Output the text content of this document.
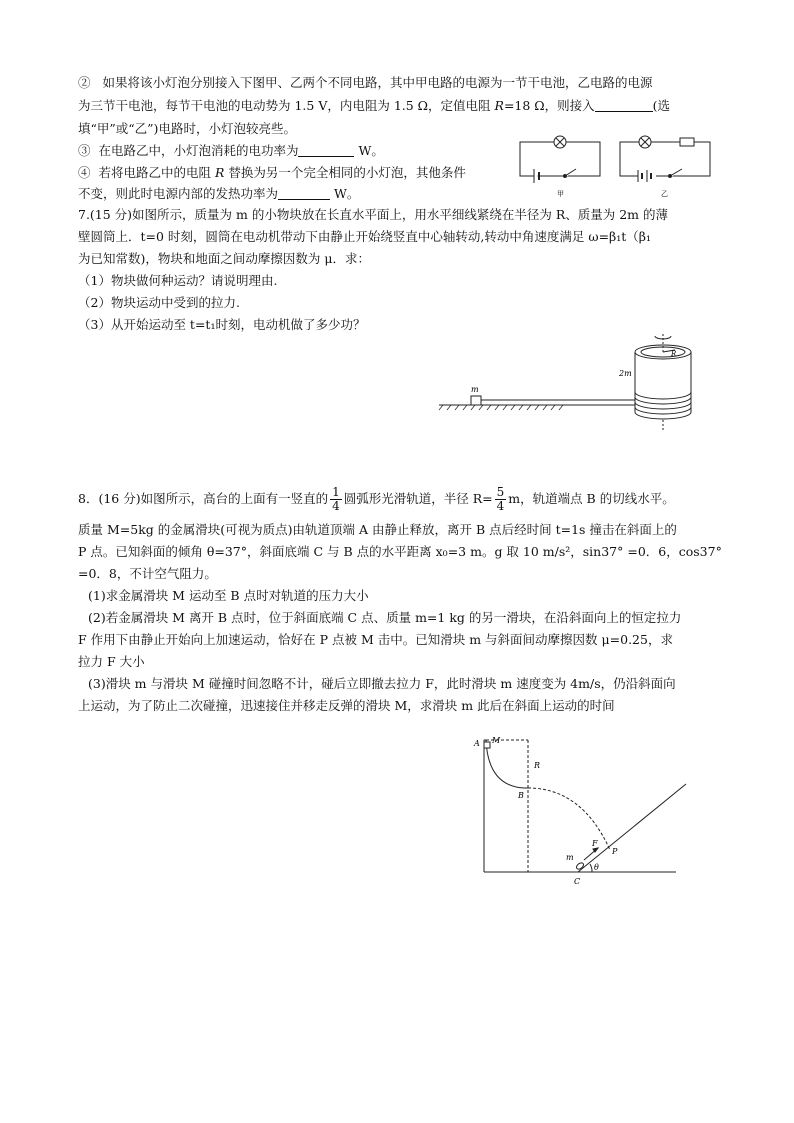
② 如果将该小灯泡分别接入下图甲、乙两个不同电路，其中甲电路的电源为一节干电池，乙电路的电源
为三节干电池，每节干电池的电动势为 1.5 V，内电阻为 1.5 Ω，定值电阻 R=18 Ω，则接入	(选
填“甲”或“乙”)电路时，小灯泡较亮些。
③ 在电路乙中，小灯泡消耗的电功率为	W。
④ 若将电路乙中的电阻 R 替换为另一个完全相同的小灯泡，其他条件
不变，则此时电源内部的发热功率为	W。	甲	乙
7.(15 分)如图所示，质量为 m 的小物块放在长直水平面上，用水平细线紧绕在半径为 R、质量为 2m 的薄
壁圆筒上．t=0 时刻，圆筒在电动机带动下由静止开始绕竖直中心轴转动,转动中角速度满足 ω=β₁t（β₁
为已知常数)，物块和地面之间动摩擦因数为 μ．求：
（1）物块做何种运动？请说明理由.
（2）物块运动中受到的拉力.
（3）从开始运动至 t=t₁时刻，电动机做了多少功？
m
2m
R
8．(16 分)如图所示，高台的上面有一竖直的 $\frac{1}{4}$ 圆弧形光滑轨道，半径 $R= \frac{5}{4}$ m，轨道端点 B 的切线水平。
质量 M=5kg 的金属滑块(可视为质点)由轨道顶端 A 由静止释放，离开 B 点后经时间 t=1s 撞击在斜面上的
P 点。已知斜面的倾角 θ=37°，斜面底端 C 与 B 点的水平距离 x₀=3 m。g 取 10 m/s²，sin37° =0．6，cos37°
=0．8，不计空气阻力。
(1)求金属滑块 M 运动至 B 点时对轨道的压力大小
(2)若金属滑块 M 离开 B 点时，位于斜面底端 C 点、质量 m=1 kg 的另一滑块，在沿斜面向上的恒定拉力
F 作用下由静止开始向上加速运动，恰好在 P 点被 M 击中。已知滑块 m 与斜面间动摩擦因数 μ=0.25，求
拉力 F 大小
(3)滑块 m 与滑块 M 碰撞时间忽略不计，碰后立即撤去拉力 F，此时滑块 m 速度变为 4m/s，仍沿斜面向
上运动，为了防止二次碰撞，迅速接住并移走反弹的滑块 M，求滑块 m 此后在斜面上运动的时间
A M
R
B
F
P
m
C
θ
